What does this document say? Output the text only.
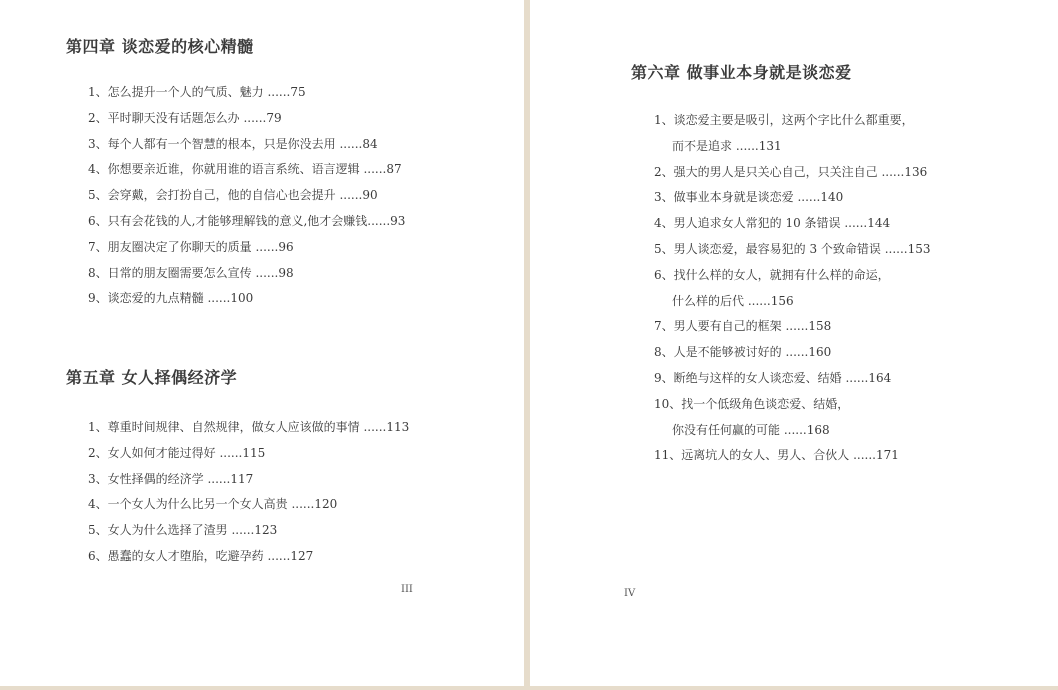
第四章 谈恋爱的核心精髓
1、怎么提升一个人的气质、魅力 ......75
2、平时聊天没有话题怎么办 ......79
3、每个人都有一个智慧的根本，只是你没去用 ......84
4、你想要亲近谁，你就用谁的语言系统、语言逻辑 ......87
5、会穿戴，会打扮自己，他的自信心也会提升 ......90
6、只有会花钱的人,才能够理解钱的意义,他才会赚钱......93
7、朋友圈决定了你聊天的质量 ......96
8、日常的朋友圈需要怎么宣传 ......98
9、谈恋爱的九点精髓 ......100
第五章 女人择偶经济学
1、尊重时间规律、自然规律，做女人应该做的事情 ......113
2、女人如何才能过得好 ......115
3、女性择偶的经济学 ......117
4、一个女人为什么比另一个女人高贵 ......120
5、女人为什么选择了渣男 ......123
6、愚蠢的女人才堕胎，吃避孕药 ......127
III
第六章 做事业本身就是谈恋爱
1、谈恋爱主要是吸引，这两个字比什么都重要，
而不是追求 ......131
2、强大的男人是只关心自己，只关注自己 ......136
3、做事业本身就是谈恋爱 ......140
4、男人追求女人常犯的 10 条错误 ......144
5、男人谈恋爱，最容易犯的 3 个致命错误 ......153
6、找什么样的女人，就拥有什么样的命运，
什么样的后代 ......156
7、男人要有自己的框架 ......158
8、人是不能够被讨好的 ......160
9、断绝与这样的女人谈恋爱、结婚 ......164
10、找一个低级角色谈恋爱、结婚，
你没有任何赢的可能 ......168
11、远离坑人的女人、男人、合伙人 ......171
IV
